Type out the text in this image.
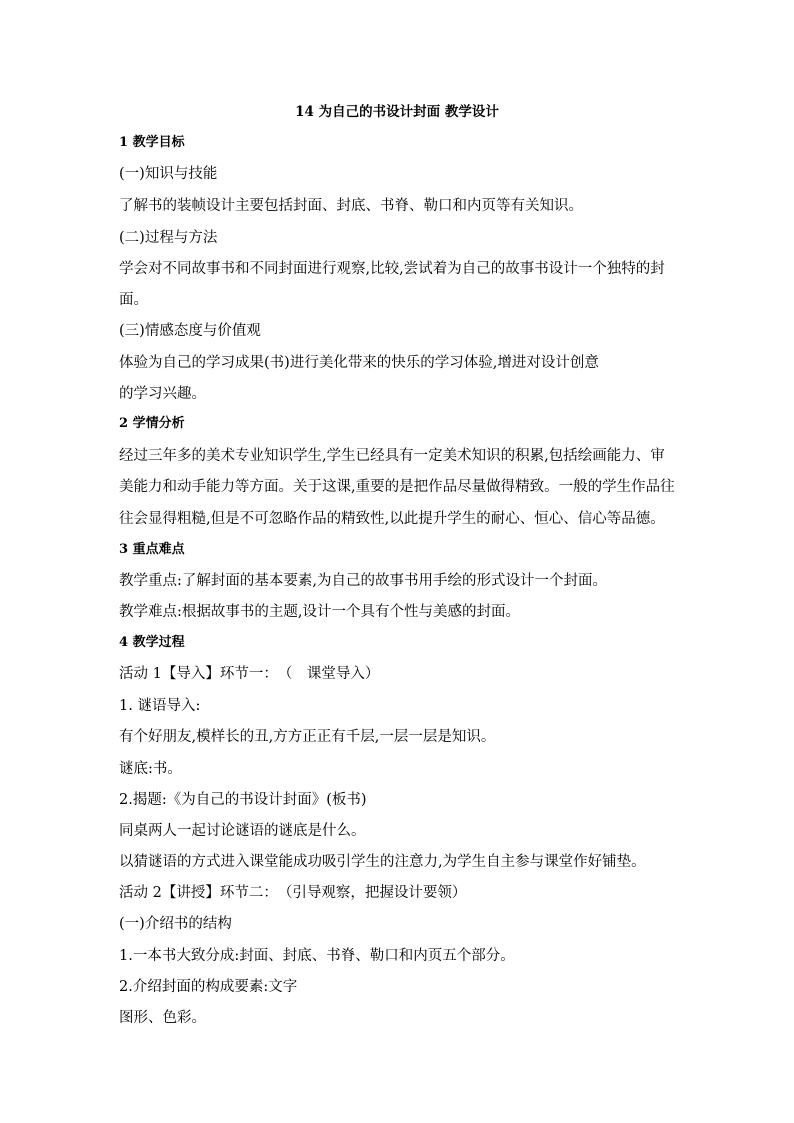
14 为自己的书设计封面 教学设计
1 教学目标
(一)知识与技能
了解书的装帧设计主要包括封面、封底、书脊、勒口和内页等有关知识。
(二)过程与方法
学会对不同故事书和不同封面进行观察,比较,尝试着为自己的故事书设计一个独特的封
面。
(三)情感态度与价值观
体验为自己的学习成果(书)进行美化带来的快乐的学习体验,增进对设计创意
的学习兴趣。
2 学情分析
经过三年多的美术专业知识学生,学生已经具有一定美术知识的积累,包括绘画能力、审
美能力和动手能力等方面。关于这课,重要的是把作品尽量做得精致。一般的学生作品往
往会显得粗糙,但是不可忽略作品的精致性,以此提升学生的耐心、恒心、信心等品德。
3 重点难点
教学重点:了解封面的基本要素,为自己的故事书用手绘的形式设计一个封面。
教学难点:根据故事书的主题,设计一个具有个性与美感的封面。
4 教学过程
活动 1【导入】环节一：　（　课堂导入）
1. 谜语导入:
有个好朋友,模样长的丑,方方正正有千层,一层一层是知识。
谜底:书。
2.揭题:《为自己的书设计封面》(板书)
同桌两人一起讨论谜语的谜底是什么。
以猜谜语的方式进入课堂能成功吸引学生的注意力,为学生自主参与课堂作好铺垫。
活动 2【讲授】环节二：　（引导观察，把握设计要领）
(一)介绍书的结构
1.一本书大致分成:封面、封底、书脊、勒口和内页五个部分。
2.介绍封面的构成要素:文字
图形、色彩。
